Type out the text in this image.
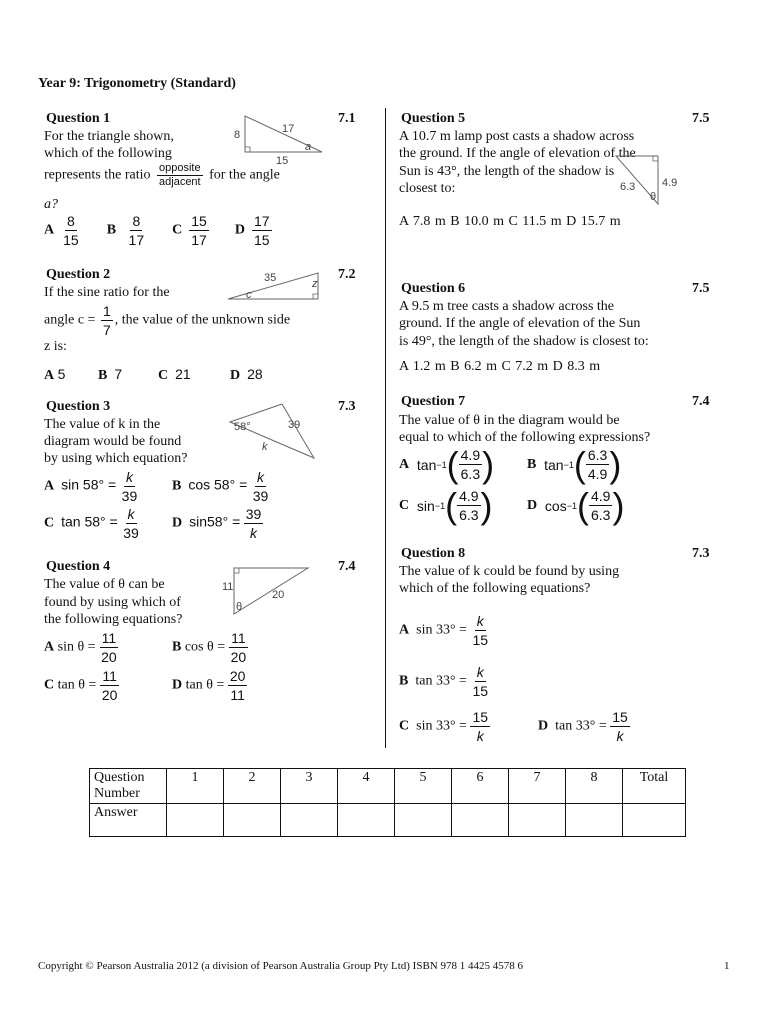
Year 9: Trigonometry (Standard)
Question 1	7.1
For the triangle shown,
which of the following
represents the ratio $\frac{\text{opposite}}{\text{adjacent}}$ for the angle
a?
8	17
15
a
A $\frac{8}{15}$ B $\frac{8}{17}$ C $\frac{15}{17}$ D $\frac{17}{15}$
Question 2	7.2
If the sine ratio for the
angle $c = \frac{1}{7}$ , the value of the unknown side
z is:
35	z
c
A 5	B 7	C 21	D 28
Question 3	7.3
The value of k in the
diagram would be found
by using which equation?
58°	39
k
A $\sin 58^\circ = \frac{k}{39}$ B $\cos 58^\circ = \frac{k}{39}$
C $\tan 58^\circ = \frac{k}{39}$ D $\sin 58^\circ = \frac{39}{k}$
Question 4	7.4
The value of θ can be
found by using which of
the following equations?
11
20
θ
A $\sin \theta = \frac{11}{20}$	B $\cos \theta = \frac{11}{20}$
C $\tan \theta = \frac{11}{20}$	D $\tan \theta = \frac{20}{11}$
Question 5	7.5
A 10.7 m lamp post casts a shadow across
the ground. If the angle of elevation of the
Sun is 43°, the length of the shadow is
closest to:	6.3 4.9
θ
A 7.8 m B 10.0 m C 11.5 m D 15.7 m
Question 6	7.5
A 9.5 m tree casts a shadow across the
ground. If the angle of elevation of the Sun
is 49°, the length of the shadow is closest to:
A 1.2 m B 6.2 m C 7.2 m D 8.3 m
Question 7	7.4
The value of θ in the diagram would be
equal to which of the following expressions?
A
tan −1 ( $\frac{4.9}{6.3}$ ) B
tan −1 ( $\frac{6.3}{4.9}$ )
C
sin −1 ( $\frac{4.9}{6.3}$ ) D
cos −1 ( $\frac{4.9}{6.3}$ )
Question 8	7.3
The value of k could be found by using
which of the following equations?
A $\sin 33^\circ = \frac{k}{15}$
B $\tan 33^\circ = \frac{k}{15}$
C $\sin 33^\circ = \frac{15}{k}$	D $\tan 33^\circ = \frac{15}{k}$
Question Number	1	2	3	4	5	6	7	8	Total
Answer									
Copyright © Pearson Australia 2012 (a division of Pearson Australia Group Pty Ltd) ISBN 978 1 4425 4578 6	1
